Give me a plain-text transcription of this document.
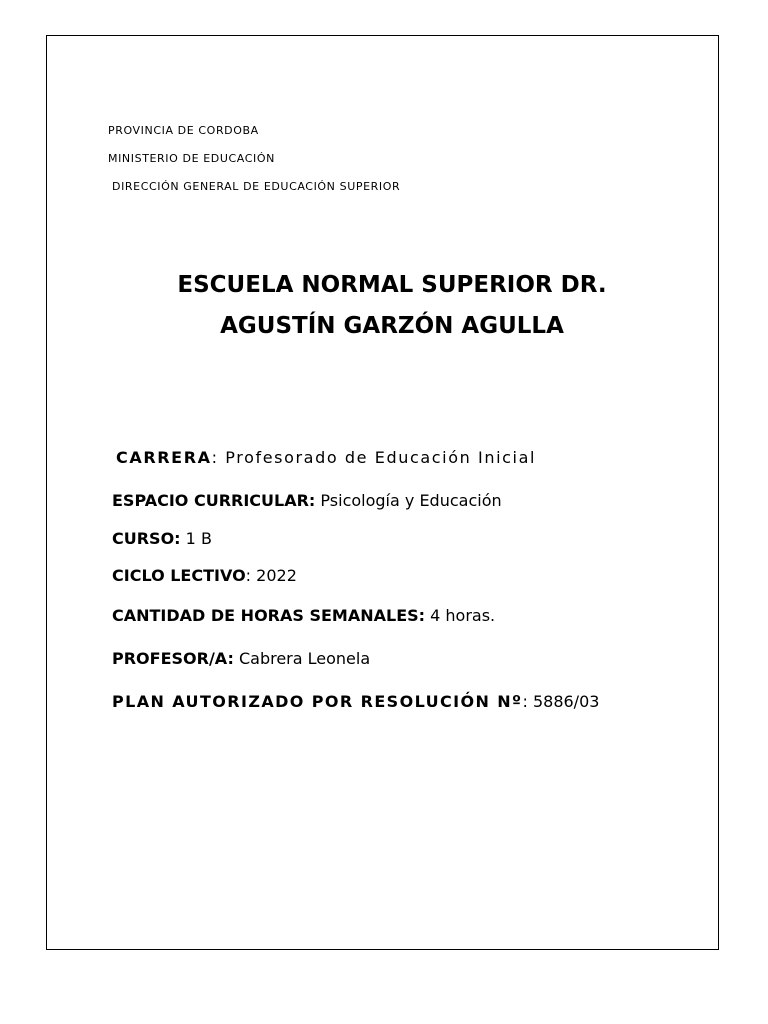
PROVINCIA DE CORDOBA
MINISTERIO DE EDUCACIÓN
DIRECCIÓN GENERAL DE EDUCACIÓN SUPERIOR
ESCUELA NORMAL SUPERIOR DR.
AGUSTÍN GARZÓN AGULLA
CARRERA: Profesorado de Educación Inicial
ESPACIO CURRICULAR: Psicología y Educación
CURSO: 1 B
CICLO LECTIVO: 2022
CANTIDAD DE HORAS SEMANALES: 4 horas.
PROFESOR/A: Cabrera Leonela
PLAN AUTORIZADO POR RESOLUCIÓN Nº: 5886/03
